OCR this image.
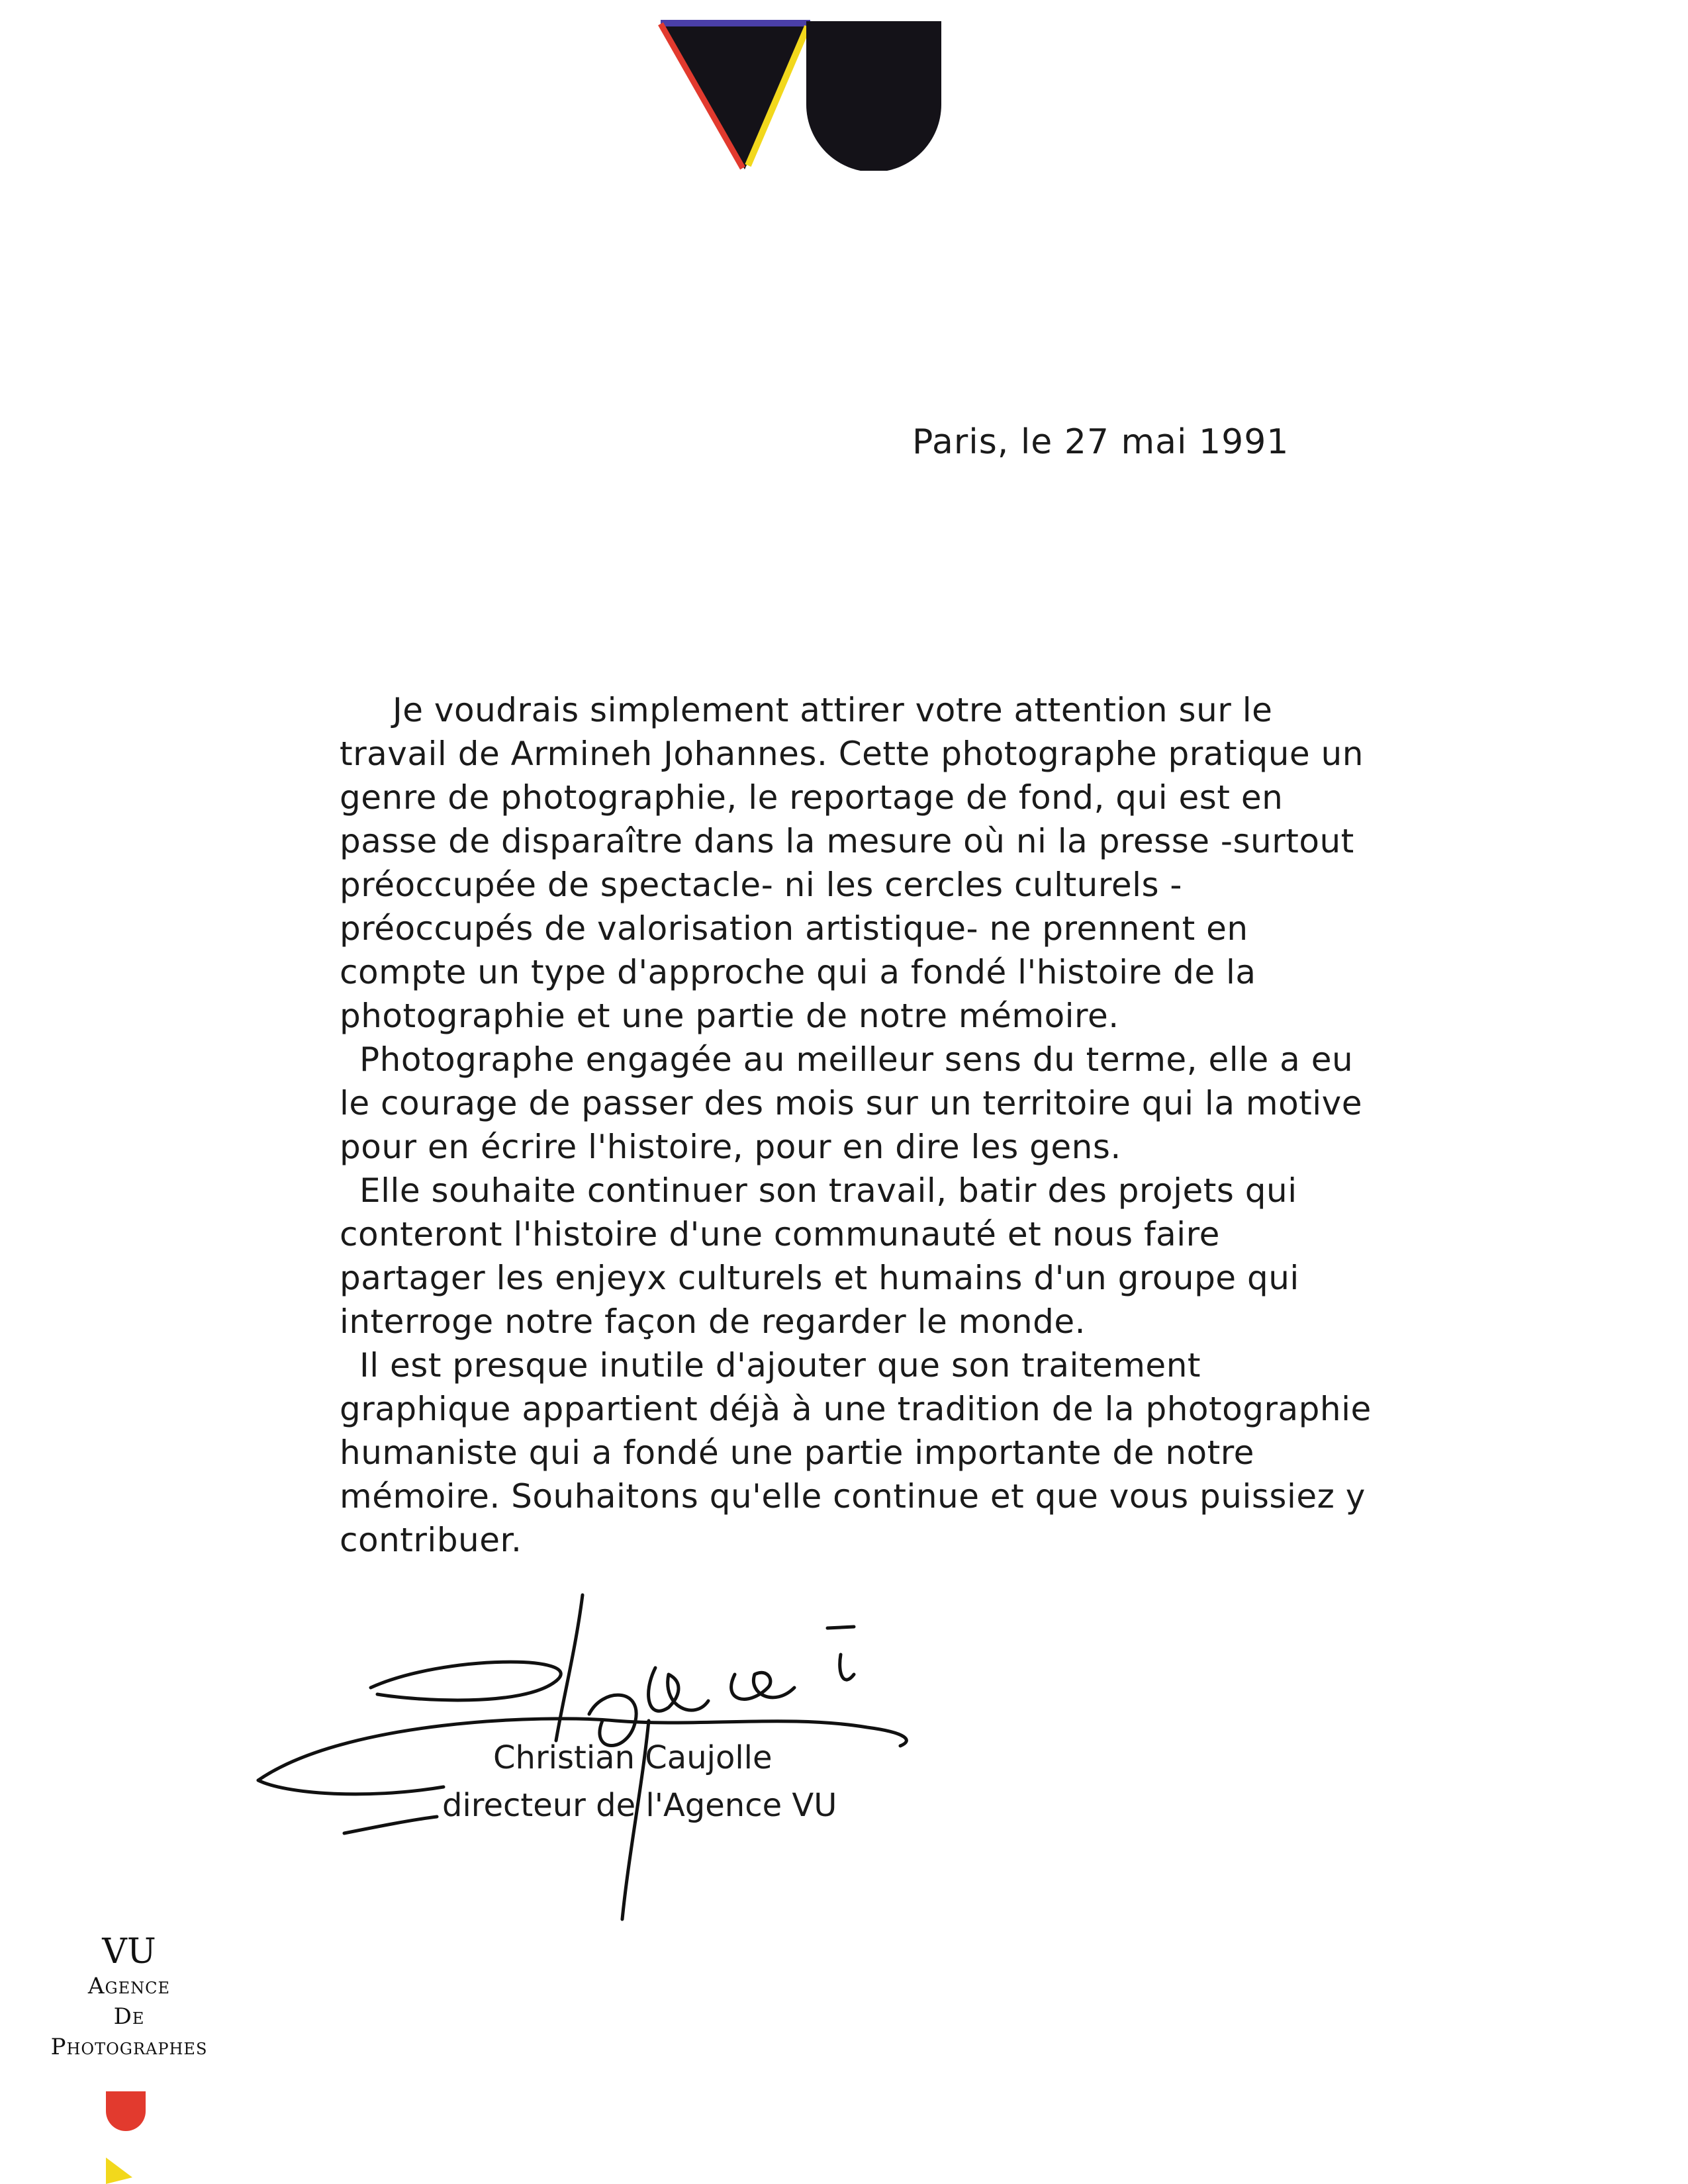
Paris, le 27 mai 1991

Je voudrais simplement attirer votre attention sur le travail de Armineh Johannes. Cette photographe pratique un genre de photographie, le reportage de fond, qui est en passe de disparaître dans la mesure où ni la presse -surtout préoccupée de spectacle- ni les cercles culturels - préoccupés de valorisation artistique- ne prennent en compte un type d'approche qui a fondé l'histoire de la photographie et une partie de notre mémoire.

Photographe engagée au meilleur sens du terme, elle a eu le courage de passer des mois sur un territoire qui la motive pour en écrire l'histoire, pour en dire les gens.

Elle souhaite continuer son travail, batir des projets qui conteront l'histoire d'une communauté et nous faire partager les enjeyx culturels et humains d'un groupe qui interroge notre façon de regarder le monde.

Il est presque inutile d'ajouter que son traitement graphique appartient déjà à une tradition de la photographie humaniste qui a fondé une partie importante de notre mémoire. Souhaitons qu'elle continue et que vous puissiez y contribuer.

Christian Caujolle
directeur de l'Agence VU
VU
Agence
De
Photographes
